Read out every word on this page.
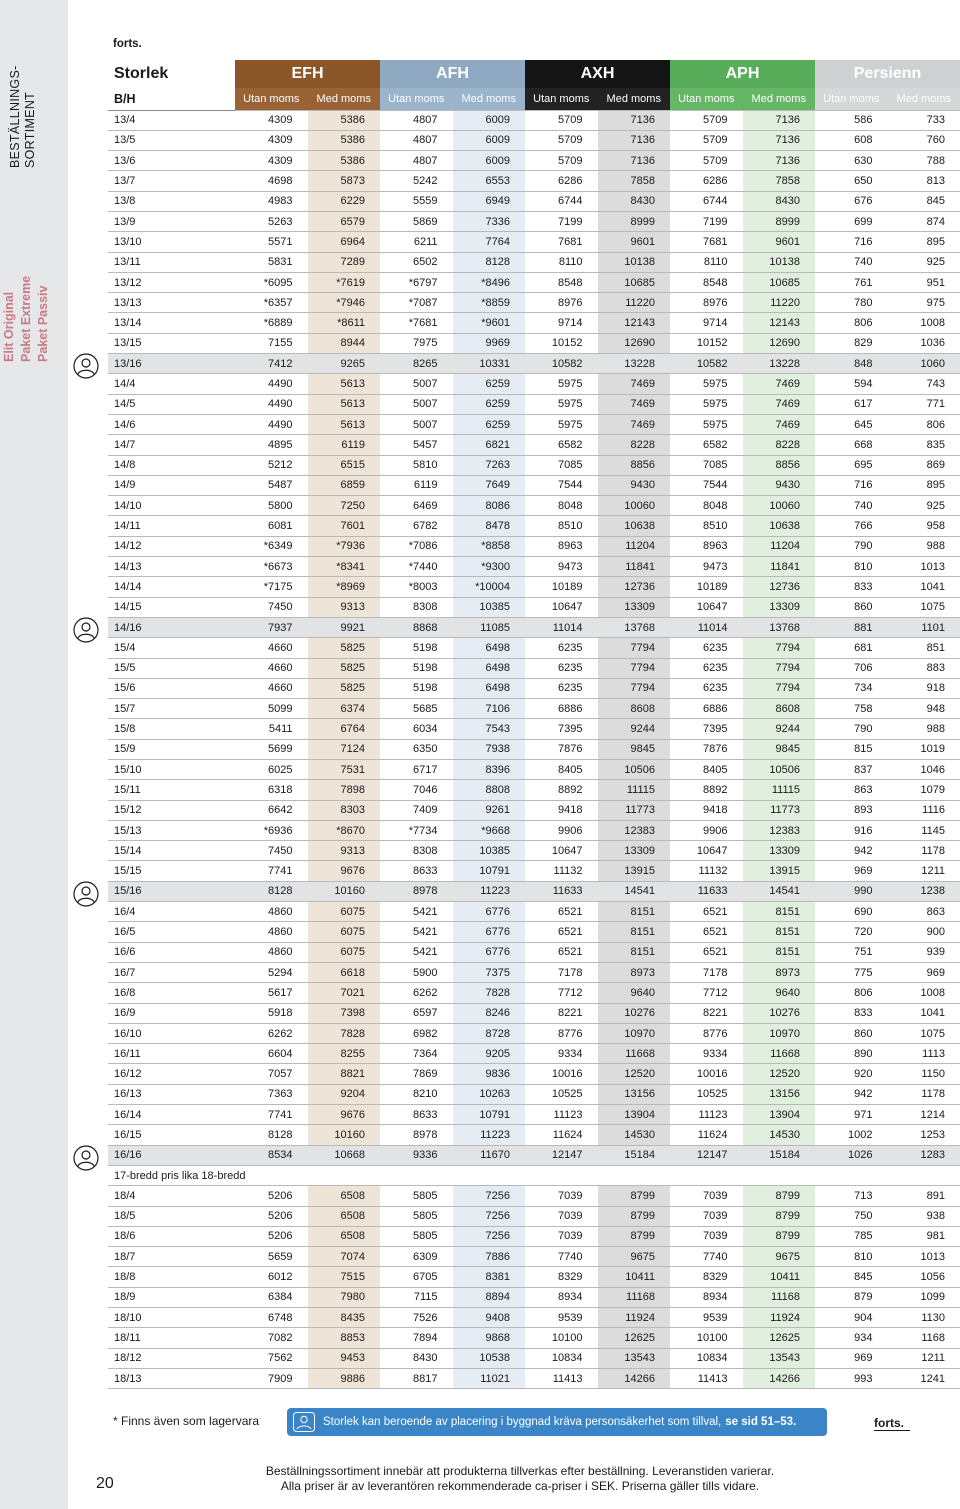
BESTÄLLNINGS- SORTIMENT
Elit Original Paket Extreme Paket Passiv
forts.
Storlek	EFH		AFH		AXH		APH		Persienn	
B/H	Utan moms	Med moms	Utan moms	Med moms	Utan moms	Med moms	Utan moms	Med moms	Utan moms	Med moms
13/4	4309	5386	4807	6009	5709	7136	5709	7136	586	733
13/5	4309	5386	4807	6009	5709	7136	5709	7136	608	760
13/6	4309	5386	4807	6009	5709	7136	5709	7136	630	788
13/7	4698	5873	5242	6553	6286	7858	6286	7858	650	813
13/8	4983	6229	5559	6949	6744	8430	6744	8430	676	845
13/9	5263	6579	5869	7336	7199	8999	7199	8999	699	874
13/10	5571	6964	6211	7764	7681	9601	7681	9601	716	895
13/11	5831	7289	6502	8128	8110	10138	8110	10138	740	925
13/12	*6095	*7619	*6797	*8496	8548	10685	8548	10685	761	951
13/13	*6357	*7946	*7087	*8859	8976	11220	8976	11220	780	975
13/14	*6889	*8611	*7681	*9601	9714	12143	9714	12143	806	1008
13/15	7155	8944	7975	9969	10152	12690	10152	12690	829	1036
13/16	7412	9265	8265	10331	10582	13228	10582	13228	848	1060
14/4	4490	5613	5007	6259	5975	7469	5975	7469	594	743
14/5	4490	5613	5007	6259	5975	7469	5975	7469	617	771
14/6	4490	5613	5007	6259	5975	7469	5975	7469	645	806
14/7	4895	6119	5457	6821	6582	8228	6582	8228	668	835
14/8	5212	6515	5810	7263	7085	8856	7085	8856	695	869
14/9	5487	6859	6119	7649	7544	9430	7544	9430	716	895
14/10	5800	7250	6469	8086	8048	10060	8048	10060	740	925
14/11	6081	7601	6782	8478	8510	10638	8510	10638	766	958
14/12	*6349	*7936	*7086	*8858	8963	11204	8963	11204	790	988
14/13	*6673	*8341	*7440	*9300	9473	11841	9473	11841	810	1013
14/14	*7175	*8969	*8003	*10004	10189	12736	10189	12736	833	1041
14/15	7450	9313	8308	10385	10647	13309	10647	13309	860	1075
14/16	7937	9921	8868	11085	11014	13768	11014	13768	881	1101
15/4	4660	5825	5198	6498	6235	7794	6235	7794	681	851
15/5	4660	5825	5198	6498	6235	7794	6235	7794	706	883
15/6	4660	5825	5198	6498	6235	7794	6235	7794	734	918
15/7	5099	6374	5685	7106	6886	8608	6886	8608	758	948
15/8	5411	6764	6034	7543	7395	9244	7395	9244	790	988
15/9	5699	7124	6350	7938	7876	9845	7876	9845	815	1019
15/10	6025	7531	6717	8396	8405	10506	8405	10506	837	1046
15/11	6318	7898	7046	8808	8892	11115	8892	11115	863	1079
15/12	6642	8303	7409	9261	9418	11773	9418	11773	893	1116
15/13	*6936	*8670	*7734	*9668	9906	12383	9906	12383	916	1145
15/14	7450	9313	8308	10385	10647	13309	10647	13309	942	1178
15/15	7741	9676	8633	10791	11132	13915	11132	13915	969	1211
15/16	8128	10160	8978	11223	11633	14541	11633	14541	990	1238
16/4	4860	6075	5421	6776	6521	8151	6521	8151	690	863
16/5	4860	6075	5421	6776	6521	8151	6521	8151	720	900
16/6	4860	6075	5421	6776	6521	8151	6521	8151	751	939
16/7	5294	6618	5900	7375	7178	8973	7178	8973	775	969
16/8	5617	7021	6262	7828	7712	9640	7712	9640	806	1008
16/9	5918	7398	6597	8246	8221	10276	8221	10276	833	1041
16/10	6262	7828	6982	8728	8776	10970	8776	10970	860	1075
16/11	6604	8255	7364	9205	9334	11668	9334	11668	890	1113
16/12	7057	8821	7869	9836	10016	12520	10016	12520	920	1150
16/13	7363	9204	8210	10263	10525	13156	10525	13156	942	1178
16/14	7741	9676	8633	10791	11123	13904	11123	13904	971	1214
16/15	8128	10160	8978	11223	11624	14530	11624	14530	1002	1253
16/16	8534	10668	9336	11670	12147	15184	12147	15184	1026	1283
17-bredd pris lika 18-bredd										
18/4	5206	6508	5805	7256	7039	8799	7039	8799	713	891
18/5	5206	6508	5805	7256	7039	8799	7039	8799	750	938
18/6	5206	6508	5805	7256	7039	8799	7039	8799	785	981
18/7	5659	7074	6309	7886	7740	9675	7740	9675	810	1013
18/8	6012	7515	6705	8381	8329	10411	8329	10411	845	1056
18/9	6384	7980	7115	8894	8934	11168	8934	11168	879	1099
18/10	6748	8435	7526	9408	9539	11924	9539	11924	904	1130
18/11	7082	8853	7894	9868	10100	12625	10100	12625	934	1168
18/12	7562	9453	8430	10538	10834	13543	10834	13543	969	1211
18/13	7909	9886	8817	11021	11413	14266	11413	14266	993	1241
* Finns även som lagervara	Storlek kan beroende av placering i byggnad kräva personsäkerhet som tillval, se sid 51–53.	forts.
20
Beställningssortiment innebär att produkterna tillverkas efter beställning. Leveranstiden varierar.
Alla priser är av leverantören rekommenderade ca-priser i SEK. Priserna gäller tills vidare.
